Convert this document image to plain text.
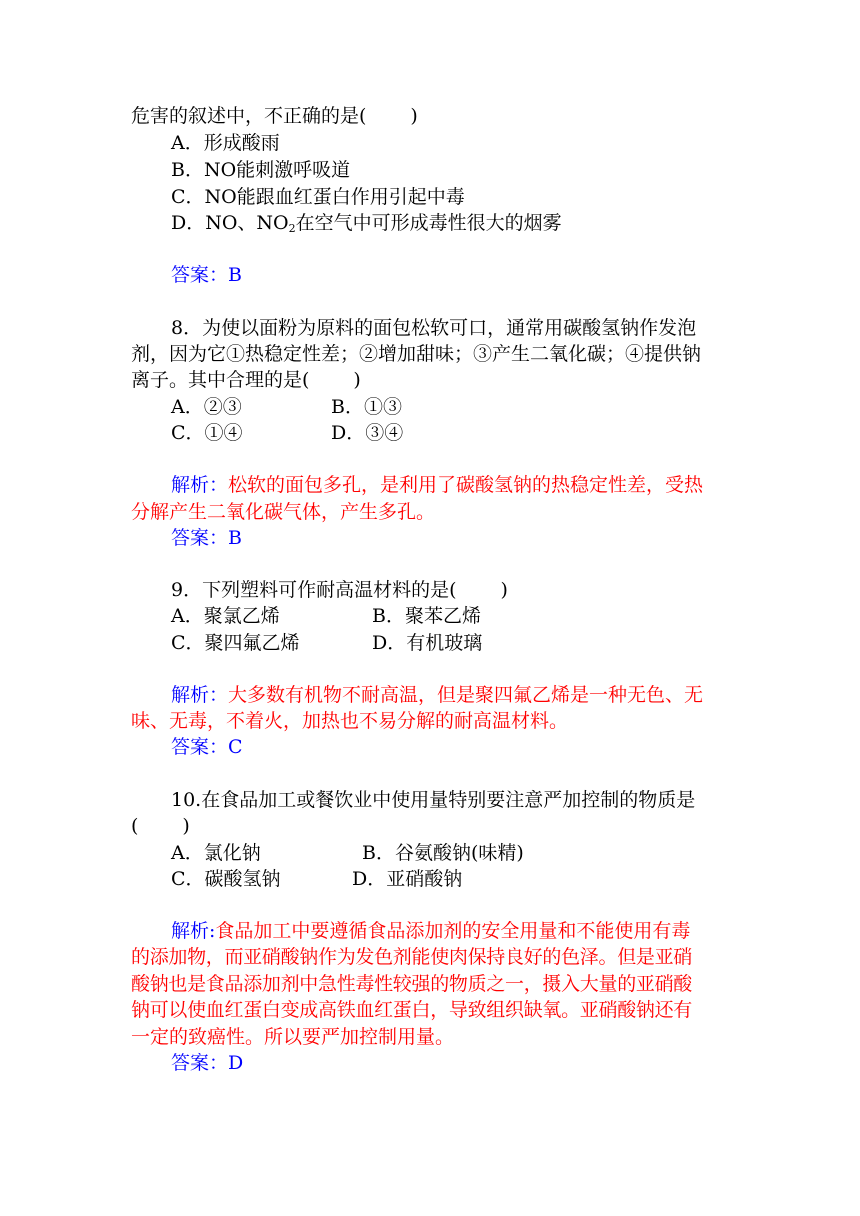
危害的叙述中，不正确的是( )
A．形成酸雨
B．NO能刺激呼吸道
C．NO能跟血红蛋白作用引起中毒
D．NO、$NO_2$在空气中可形成毒性很大的烟雾
答案：B
8．为使以面粉为原料的面包松软可口，通常用碳酸氢钠作发泡
剂，因为它①热稳定性差；②增加甜味；③产生二氧化碳；④提供钠
离子。其中合理的是( )
A．②③	B．①③
C．①④	D．③④
解析：松软的面包多孔，是利用了碳酸氢钠的热稳定性差，受热
分解产生二氧化碳气体，产生多孔。
答案：B
9．下列塑料可作耐高温材料的是( )
A．聚氯乙烯	B．聚苯乙烯
C．聚四氟乙烯	D．有机玻璃
解析：大多数有机物不耐高温，但是聚四氟乙烯是一种无色、无
味、无毒，不着火，加热也不易分解的耐高温材料。
答案：C
10.在食品加工或餐饮业中使用量特别要注意严加控制的物质是
( )
A．氯化钠	B．谷氨酸钠(味精)
C．碳酸氢钠	D．亚硝酸钠
解析:食品加工中要遵循食品添加剂的安全用量和不能使用有毒
的添加物，而亚硝酸钠作为发色剂能使肉保持良好的色泽。但是亚硝
酸钠也是食品添加剂中急性毒性较强的物质之一，摄入大量的亚硝酸
钠可以使血红蛋白变成高铁血红蛋白，导致组织缺氧。亚硝酸钠还有
一定的致癌性。所以要严加控制用量。
答案：D
